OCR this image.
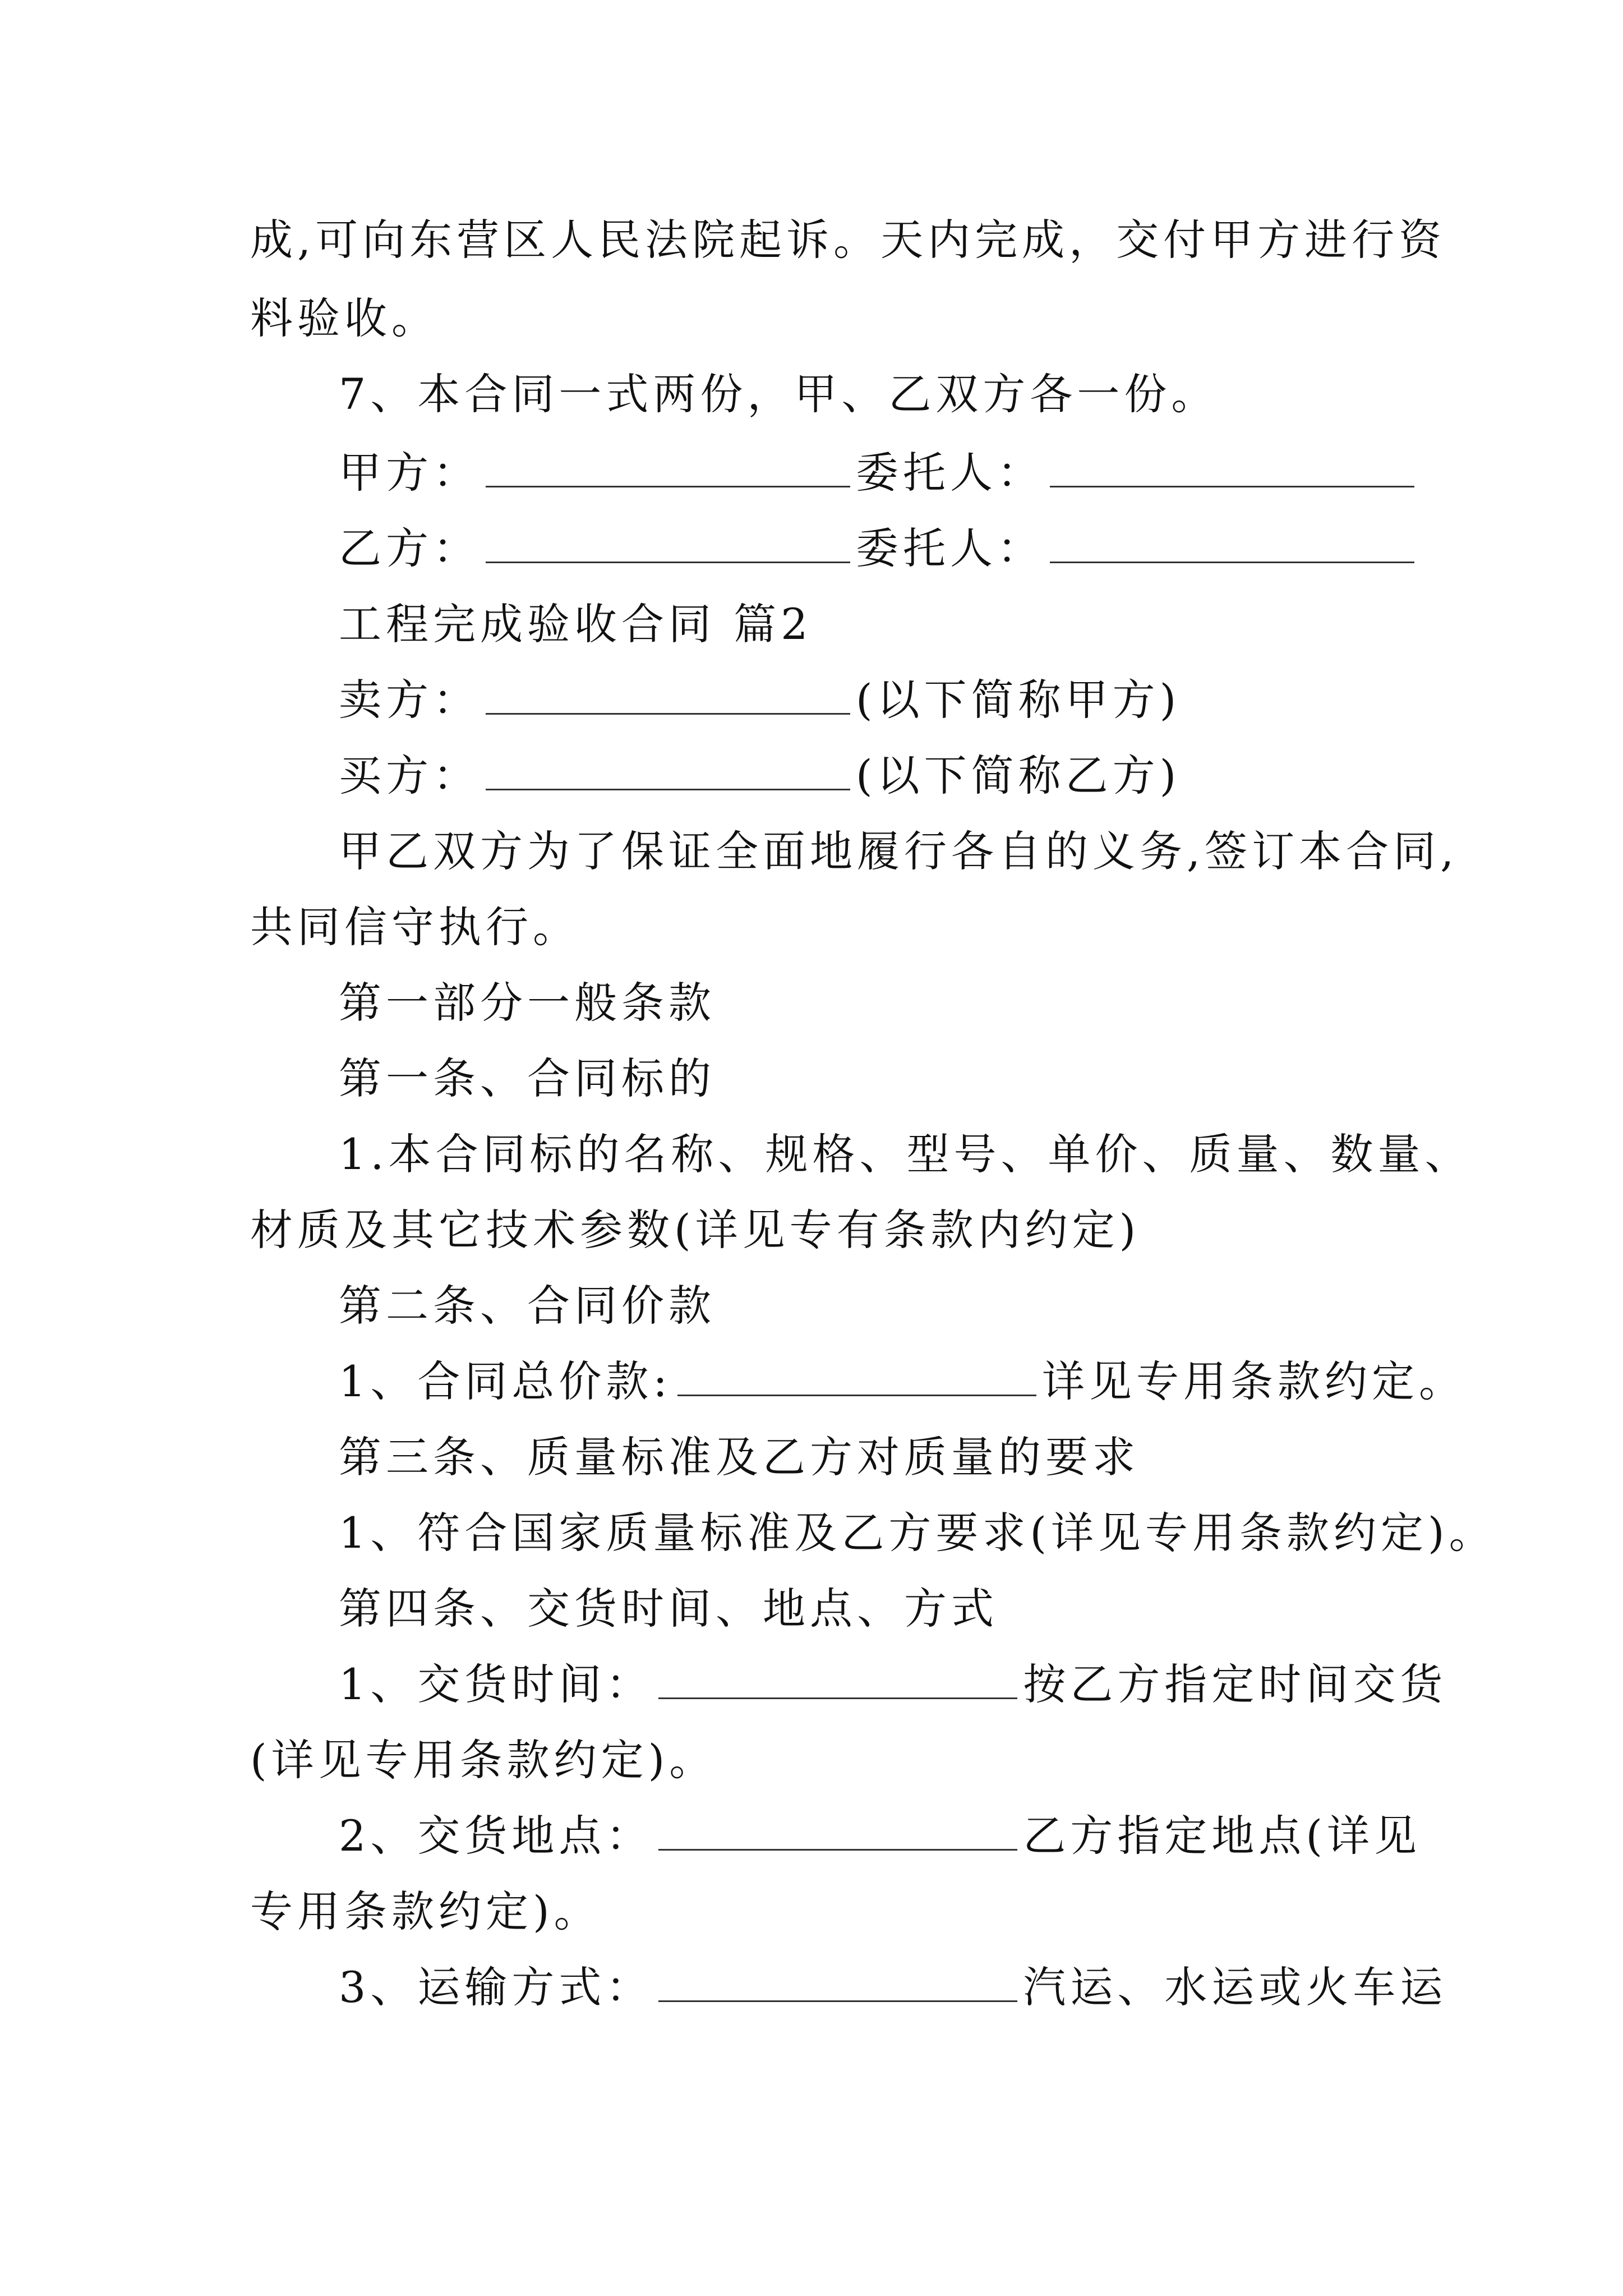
成,可向东营区人民法院起诉。天内完成，交付甲方进行资
料验收。
7、本合同一式两份，甲、乙双方各一份。
甲方：	委托人：
乙方：	委托人：
工程完成验收合同 篇2
卖方：	(以下简称甲方)
买方：	(以下简称乙方)
甲乙双方为了保证全面地履行各自的义务,签订本合同,
共同信守执行。
第一部分一般条款
第一条、合同标的
1.本合同标的名称、规格、型号、单价、质量、数量、
材质及其它技术参数(详见专有条款内约定)
第二条、合同价款
1、合同总价款:	详见专用条款约定。
第三条、质量标准及乙方对质量的要求
1、符合国家质量标准及乙方要求(详见专用条款约定)。
第四条、交货时间、地点、方式
1、交货时间：	按乙方指定时间交货
(详见专用条款约定)。
2、交货地点：	乙方指定地点(详见
专用条款约定)。
3、运输方式：	汽运、水运或火车运
